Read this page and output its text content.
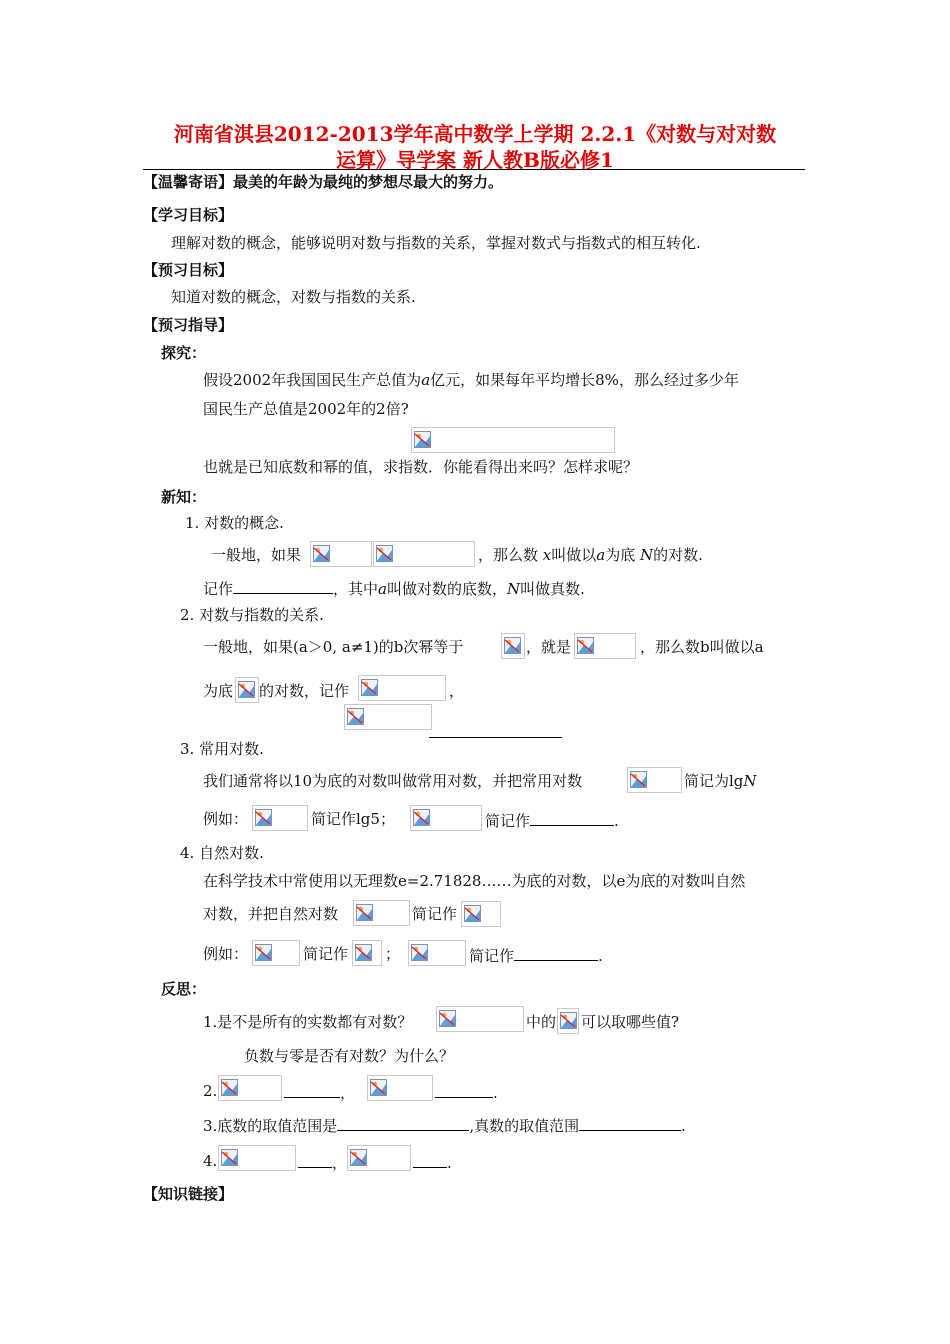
河南省淇县2012-2013学年高中数学上学期 2.2.1《对数与对对数
运算》导学案 新人教B版必修1
【温馨寄语】最美的年龄为最纯的梦想尽最大的努力。
【学习目标】
理解对数的概念，能够说明对数与指数的关系，掌握对数式与指数式的相互转化.
【预习目标】
知道对数的概念，对数与指数的关系.
【预习指导】
探究：
假设2002年我国国民生产总值为a亿元，如果每年平均增长8%，那么经过多少年
国民生产总值是2002年的2倍?
也就是已知底数和幂的值，求指数．你能看得出来吗？怎样求呢？
新知：
1. 对数的概念.
一般地，如果	，那么数 x叫做以a为底 N的对数.
记作	，其中a叫做对数的底数，N叫做真数.
2. 对数与指数的关系.
一般地，如果(a＞0, a≠1)的b次幂等于	，就是	，那么数b叫做以a
为底 的对数，记作	，
3. 常用对数.
我们通常将以10为底的对数叫做常用对数，并把常用对数	简记为lgN
例如：	简记作lg5；	简记作	.
4. 自然对数.
在科学技术中常使用以无理数e=2.71828……为底的对数，以e为底的对数叫自然
对数，并把自然对数	简记作
例如：	简记作 ；	简记作	.
反思：
1.是不是所有的实数都有对数？	中的 可以取哪些值?
负数与零是否有对数？为什么？
2.	，	.
3.底数的取值范围是	,真数的取值范围	.
4.	，	.
【知识链接】
